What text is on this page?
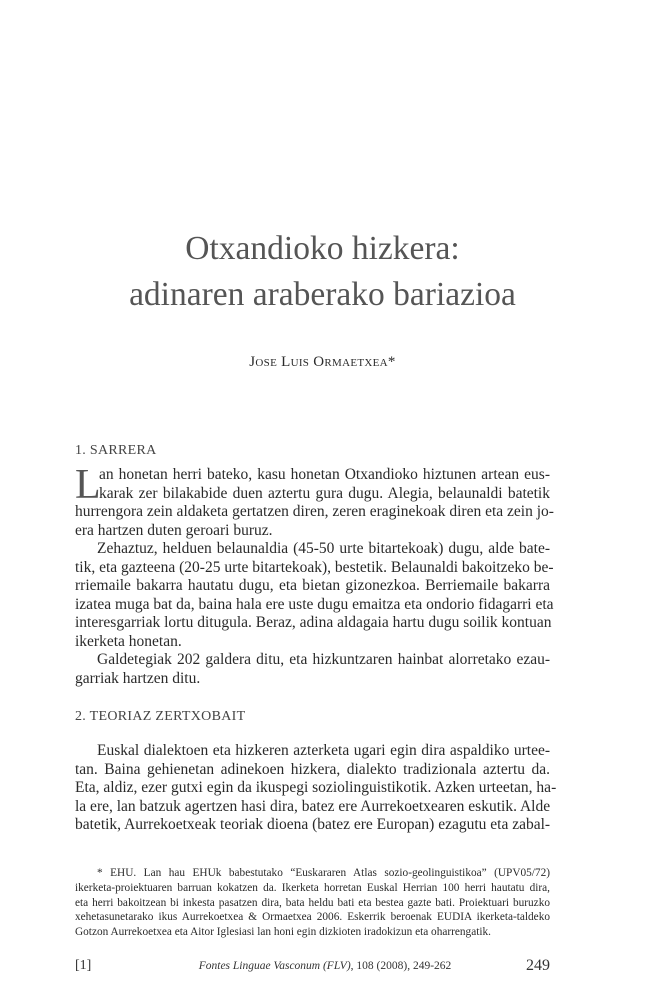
Otxandioko hizkera:
adinaren araberako bariazioa
Jose Luis Ormaetxea*
1. SARRERA
L
an honetan herri bateko, kasu honetan Otxandioko hiztunen artean eus-
karak zer bilakabide duen aztertu gura dugu. Alegia, belaunaldi batetik
hurrengora zein aldaketa gertatzen diren, zeren eraginekoak diren eta zein jo-
era hartzen duten geroari buruz.
Zehaztuz, helduen belaunaldia (45-50 urte bitartekoak) dugu, alde bate-
tik, eta gazteena (20-25 urte bitartekoak), bestetik. Belaunaldi bakoitzeko be-
rriemaile bakarra hautatu dugu, eta bietan gizonezkoa. Berriemaile bakarra
izatea muga bat da, baina hala ere uste dugu emaitza eta ondorio fidagarri eta
interesgarriak lortu ditugula. Beraz, adina aldagaia hartu dugu soilik kontuan
ikerketa honetan.
Galdetegiak 202 galdera ditu, eta hizkuntzaren hainbat alorretako ezau-
garriak hartzen ditu.
2. TEORIAZ ZERTXOBAIT
Euskal dialektoen eta hizkeren azterketa ugari egin dira aspaldiko urtee-
tan. Baina gehienetan adinekoen hizkera, dialekto tradizionala aztertu da.
Eta, aldiz, ezer gutxi egin da ikuspegi soziolinguistikotik. Azken urteetan, ha-
la ere, lan batzuk agertzen hasi dira, batez ere Aurrekoetxearen eskutik. Alde
batetik, Aurrekoetxeak teoriak dioena (batez ere Europan) ezagutu eta zabal-
* EHU. Lan hau EHUk babestutako “Euskararen Atlas sozio-geolinguistikoa” (UPV05/72)
ikerketa-proiektuaren barruan kokatzen da. Ikerketa horretan Euskal Herrian 100 herri hautatu dira,
eta herri bakoitzean bi inkesta pasatzen dira, bata heldu bati eta bestea gazte bati. Proiektuari buruzko
xehetasunetarako ikus Aurrekoetxea & Ormaetxea 2006. Eskerrik beroenak EUDIA ikerketa-taldeko
Gotzon Aurrekoetxea eta Aitor Iglesiasi lan honi egin dizkioten iradokizun eta oharrengatik.
[1]	Fontes Linguae Vasconum (FLV), 108 (2008), 249-262	249
